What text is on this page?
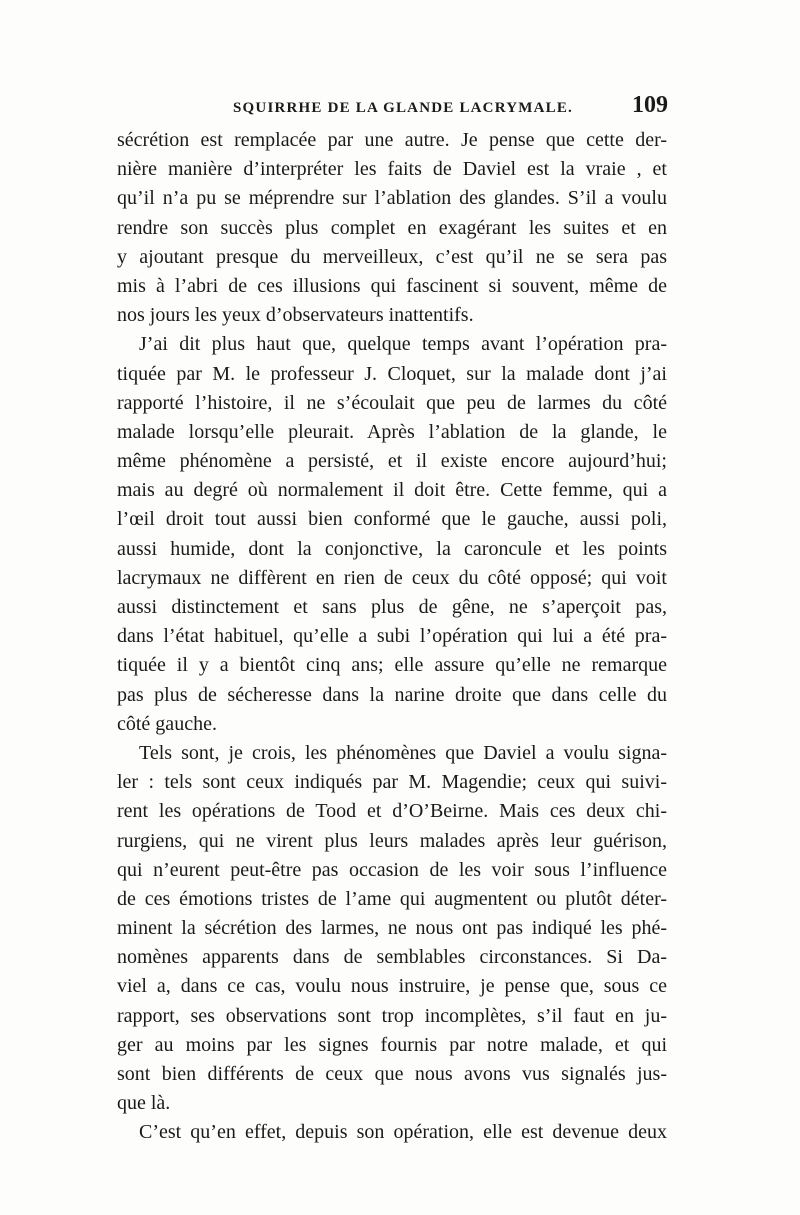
SQUIRRHE DE LA GLANDE LACRYMALE. 109
sécrétion est remplacée par une autre. Je pense que cette der-
nière manière d’interpréter les faits de Daviel est la vraie , et
qu’il n’a pu se méprendre sur l’ablation des glandes. S’il a voulu
rendre son succès plus complet en exagérant les suites et en
y ajoutant presque du merveilleux, c’est qu’il ne se sera pas
mis à l’abri de ces illusions qui fascinent si souvent, même de
nos jours les yeux d’observateurs inattentifs.
J’ai dit plus haut que, quelque temps avant l’opération pra-
tiquée par M. le professeur J. Cloquet, sur la malade dont j’ai
rapporté l’histoire, il ne s’écoulait que peu de larmes du côté
malade lorsqu’elle pleurait. Après l’ablation de la glande, le
même phénomène a persisté, et il existe encore aujourd’hui;
mais au degré où normalement il doit être. Cette femme, qui a
l’œil droit tout aussi bien conformé que le gauche, aussi poli,
aussi humide, dont la conjonctive, la caroncule et les points
lacrymaux ne diffèrent en rien de ceux du côté opposé; qui voit
aussi distinctement et sans plus de gêne, ne s’aperçoit pas,
dans l’état habituel, qu’elle a subi l’opération qui lui a été pra-
tiquée il y a bientôt cinq ans; elle assure qu’elle ne remarque
pas plus de sécheresse dans la narine droite que dans celle du
côté gauche.
Tels sont, je crois, les phénomènes que Daviel a voulu signa-
ler : tels sont ceux indiqués par M. Magendie; ceux qui suivi-
rent les opérations de Tood et d’O’Beirne. Mais ces deux chi-
rurgiens, qui ne virent plus leurs malades après leur guérison,
qui n’eurent peut-être pas occasion de les voir sous l’influence
de ces émotions tristes de l’ame qui augmentent ou plutôt déter-
minent la sécrétion des larmes, ne nous ont pas indiqué les phé-
nomènes apparents dans de semblables circonstances. Si Da-
viel a, dans ce cas, voulu nous instruire, je pense que, sous ce
rapport, ses observations sont trop incomplètes, s’il faut en ju-
ger au moins par les signes fournis par notre malade, et qui
sont bien différents de ceux que nous avons vus signalés jus-
que là.
C’est qu’en effet, depuis son opération, elle est devenue deux
